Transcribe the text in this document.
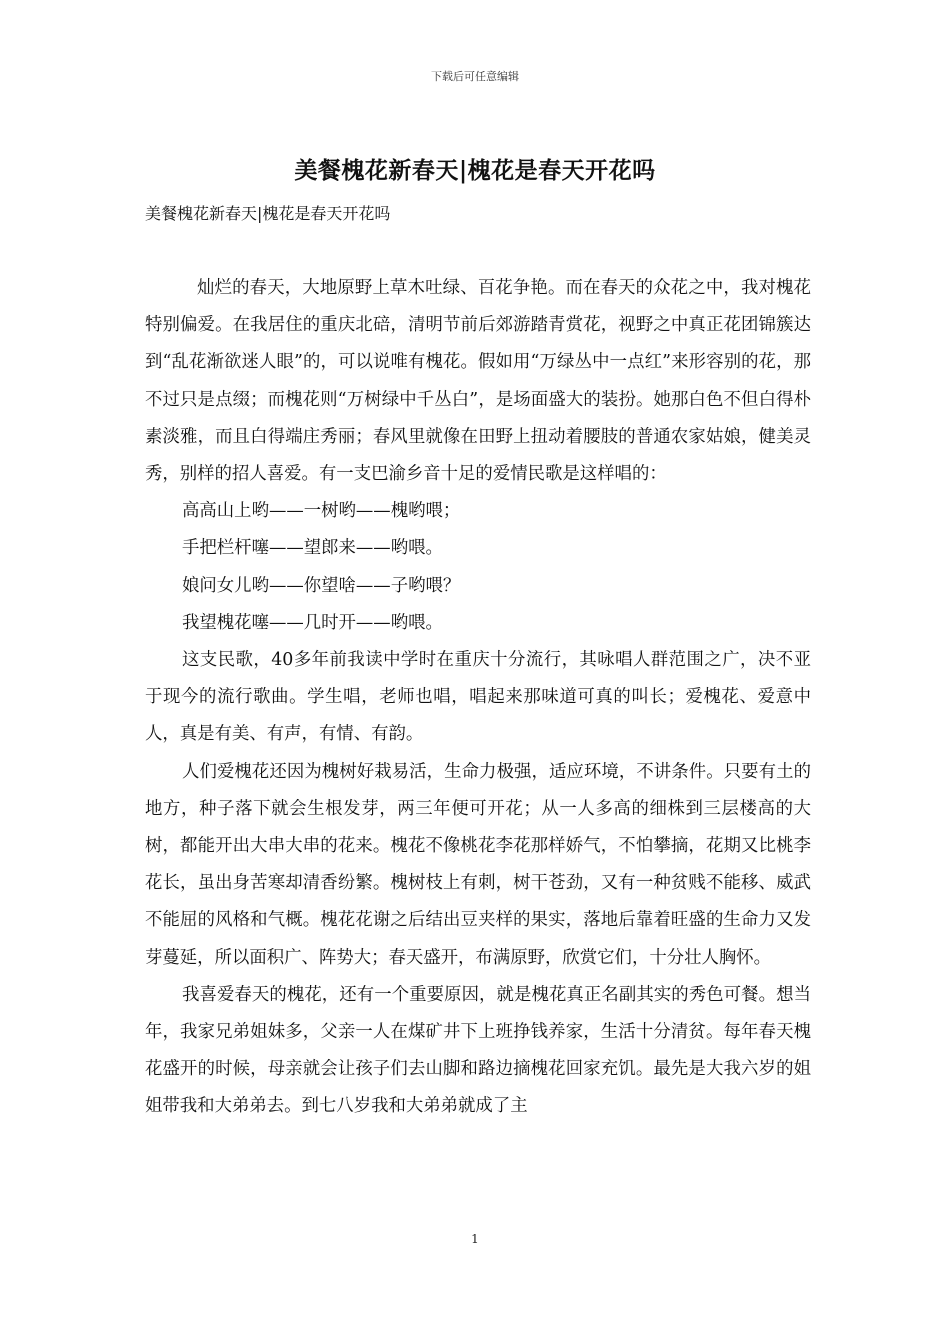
下载后可任意编辑
美餐槐花新春天|槐花是春天开花吗
美餐槐花新春天|槐花是春天开花吗

灿烂的春天，大地原野上草木吐绿、百花争艳。而在春天的众花之中，我对槐花特别偏爱。在我居住的重庆北碚，清明节前后郊游踏青赏花，视野之中真正花团锦簇达到“乱花渐欲迷人眼”的，可以说唯有槐花。假如用“万绿丛中一点红”来形容别的花，那不过只是点缀；而槐花则“万树绿中千丛白”，是场面盛大的装扮。她那白色不但白得朴素淡雅，而且白得端庄秀丽；春风里就像在田野上扭动着腰肢的普通农家姑娘，健美灵秀，别样的招人喜爱。有一支巴渝乡音十足的爱情民歌是这样唱的：

高高山上哟——一树哟——槐哟喂；

手把栏杆噻——望郎来——哟喂。

娘问女儿哟——你望啥——子哟喂？

我望槐花噻——几时开——哟喂。

这支民歌，40多年前我读中学时在重庆十分流行，其咏唱人群范围之广，决不亚于现今的流行歌曲。学生唱，老师也唱，唱起来那味道可真的叫长；爱槐花、爱意中人，真是有美、有声，有情、有韵。

人们爱槐花还因为槐树好栽易活，生命力极强，适应环境，不讲条件。只要有土的地方，种子落下就会生根发芽，两三年便可开花；从一人多高的细株到三层楼高的大树，都能开出大串大串的花来。槐花不像桃花李花那样娇气，不怕攀摘，花期又比桃李花长，虽出身苦寒却清香纷繁。槐树枝上有刺，树干苍劲，又有一种贫贱不能移、威武不能屈的风格和气概。槐花花谢之后结出豆夹样的果实，落地后靠着旺盛的生命力又发芽蔓延，所以面积广、阵势大；春天盛开，布满原野，欣赏它们，十分壮人胸怀。

我喜爱春天的槐花，还有一个重要原因，就是槐花真正名副其实的秀色可餐。想当年，我家兄弟姐妹多，父亲一人在煤矿井下上班挣钱养家，生活十分清贫。每年春天槐花盛开的时候，母亲就会让孩子们去山脚和路边摘槐花回家充饥。最先是大我六岁的姐姐带我和大弟弟去。到七八岁我和大弟弟就成了主

1
